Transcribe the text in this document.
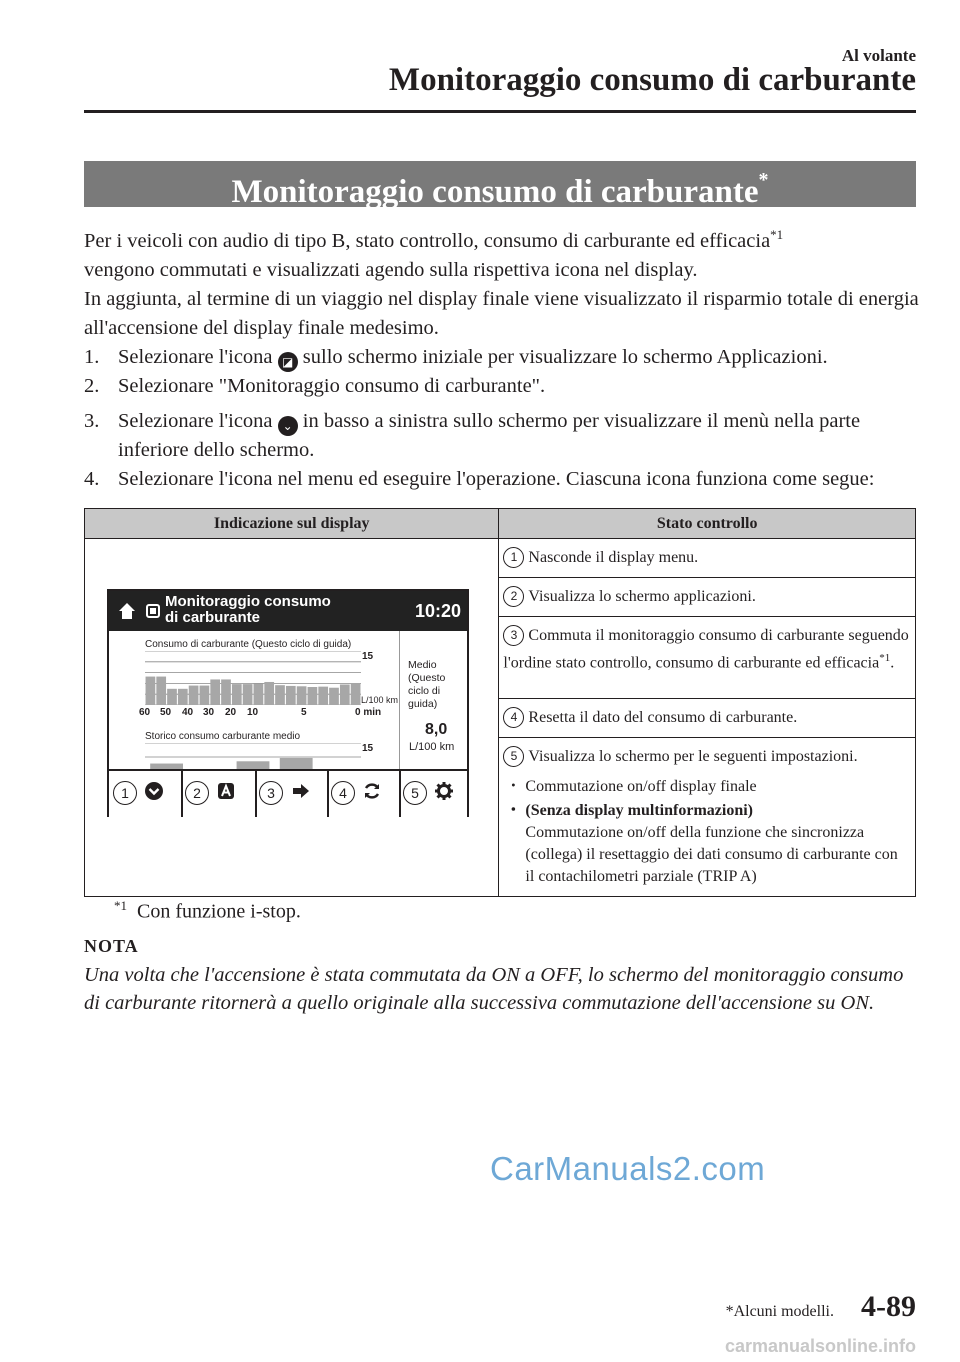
Al volante
Monitoraggio consumo di carburante
Monitoraggio consumo di carburante*

Per i veicoli con audio di tipo B, stato controllo, consumo di carburante ed efficacia$^{*1}$
vengono commutati e visualizzati agendo sulla rispettiva icona nel display.

In aggiunta, al termine di un viaggio nel display finale viene visualizzato il risparmio totale di energia all'accensione del display finale medesimo.

1. Selezionare l'icona ◪ sullo schermo iniziale per visualizzare lo schermo Applicazioni.
2. Selezionare "Monitoraggio consumo di carburante".
3. Selezionare l'icona ⌄ in basso a sinistra sullo schermo per visualizzare il menù nella parte inferiore dello schermo.
4. Selezionare l'icona nel menu ed eseguire l'operazione. Ciascuna icona funziona come segue:
Indicazione sul display	Stato controllo
	1 Nasconde il display menu.
	2 Visualizza lo schermo applicazioni.
	3 Commuta il monitoraggio consumo di carburante seguendo l'ordine stato controllo, consumo di carburante ed efficacia$^{*1}$.
	4 Resetta il dato del consumo di carburante.
	5 Visualizza lo schermo per le seguenti impostazioni.
・ Commutazione on/off display finale
・ (Senza display multinformazioni)
Commutazione on/off della funzione che sincronizza (collega) il resettaggio dei dati consumo di carburante con il contachilometri parziale (TRIP A)
Monitoraggio consumo
di carburante	10:20
Consumo di carburante (Questo ciclo di guida)
15
L/100 km
0 min
60 50 40 30 20 10	5
Medio
(Questo
ciclo di
guida)
8,0
L/100 km
Storico consumo carburante medio
15
1	2	3	4	5
$^{*1}$ Con funzione i-stop.
NOTA
Una volta che l'accensione è stata commutata da ON a OFF, lo schermo del monitoraggio consumo di carburante ritornerà a quello originale alla successiva commutazione dell'accensione su ON.
CarManuals2.com
*Alcuni modelli. 4-89
carmanualsonline.info
